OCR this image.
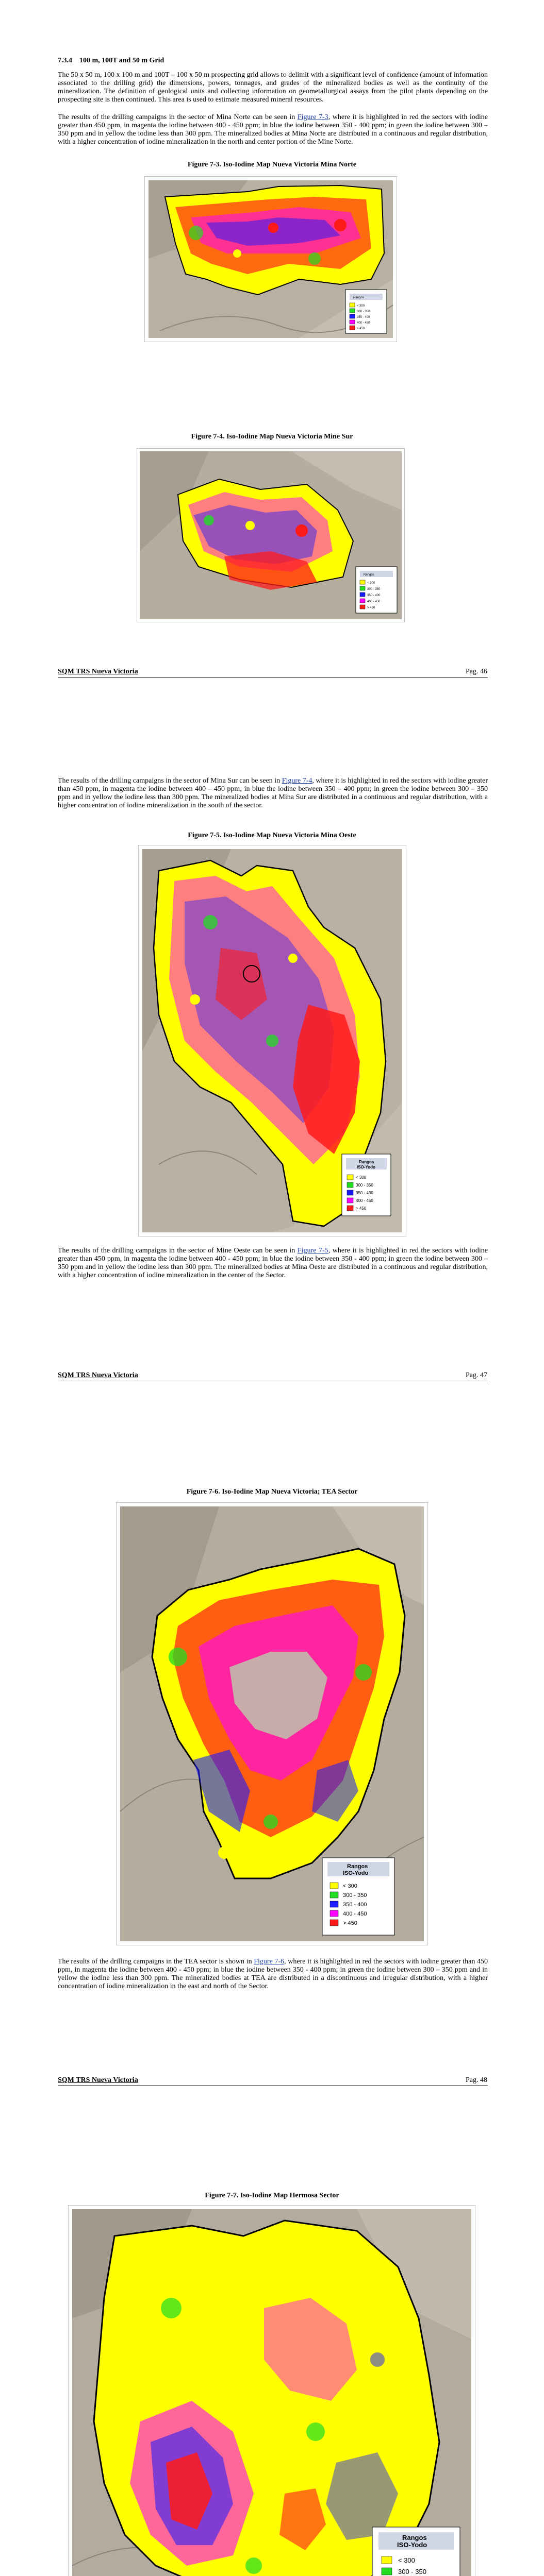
7.3.4 100 m, 100T and 50 m Grid

The 50 x 50 m, 100 x 100 m and 100T – 100 x 50 m prospecting grid allows to delimit with a significant level of confidence (amount of information associated to the drilling grid) the dimensions, powers, tonnages, and grades of the mineralized bodies as well as the continuity of the mineralization. The definition of geological units and collecting information on geometallurgical assays from the pilot plants depending on the prospecting site is then continued. This area is used to estimate measured mineral resources.

The results of the drilling campaigns in the sector of Mina Norte can be seen in Figure 7-3, where it is highlighted in red the sectors with iodine greater than 450 ppm, in magenta the iodine between 400 - 450 ppm; in blue the iodine between 350 - 400 ppm; in green the iodine between 300 – 350 ppm and in yellow the iodine less than 300 ppm. The mineralized bodies at Mina Norte are distributed in a continuous and regular distribution, with a higher concentration of iodine mineralization in the north and center portion of the Mine Norte.

Figure 7-3. Iso-Iodine Map Nueva Victoria Mina Norte
Rangos
< 300
300 - 350
350 - 400
400 - 450
> 450
Figure 7-4. Iso-Iodine Map Nueva Victoria Mine Sur
Rangos
< 300
300 - 350
350 - 400
400 - 450
> 450
SQM TRS Nueva Victoria	Pag. 46

The results of the drilling campaigns in the sector of Mina Sur can be seen in Figure 7-4, where it is highlighted in red the sectors with iodine greater than 450 ppm, in magenta the iodine between 400 – 450 ppm; in blue the iodine between 350 – 400 ppm; in green the iodine between 300 – 350 ppm and in yellow the iodine less than 300 ppm. The mineralized bodies at Mina Sur are distributed in a continuous and regular distribution, with a higher concentration of iodine mineralization in the south of the sector.

Figure 7-5. Iso-Iodine Map Nueva Victoria Mina Oeste
Rangos
ISO-Yodo
< 300
300 - 350
350 - 400
400 - 450
> 450

The results of the drilling campaigns in the sector of Mine Oeste can be seen in Figure 7-5, where it is highlighted in red the sectors with iodine greater than 450 ppm, in magenta the iodine between 400 - 450 ppm; in blue the iodine between 350 - 400 ppm; in green the iodine between 300 – 350 ppm and in yellow the iodine less than 300 ppm. The mineralized bodies at Mina Oeste are distributed in a continuous and regular distribution, with a higher concentration of iodine mineralization in the center of the Sector.

SQM TRS Nueva Victoria	Pag. 47
Figure 7-6. Iso-Iodine Map Nueva Victoria; TEA Sector
Rangos
ISO-Yodo
< 300
300 - 350
350 - 400
400 - 450
> 450

The results of the drilling campaigns in the TEA sector is shown in Figure 7-6, where it is highlighted in red the sectors with iodine greater than 450 ppm, in magenta the iodine between 400 - 450 ppm; in blue the iodine between 350 - 400 ppm; in green the iodine between 300 – 350 ppm and in yellow the iodine less than 300 ppm. The mineralized bodies at TEA are distributed in a discontinuous and irregular distribution, with a higher concentration of iodine mineralization in the east and north of the Sector.

SQM TRS Nueva Victoria	Pag. 48
Figure 7-7. Iso-Iodine Map Hermosa Sector
Rangos
ISO-Yodo
< 300
300 - 350
